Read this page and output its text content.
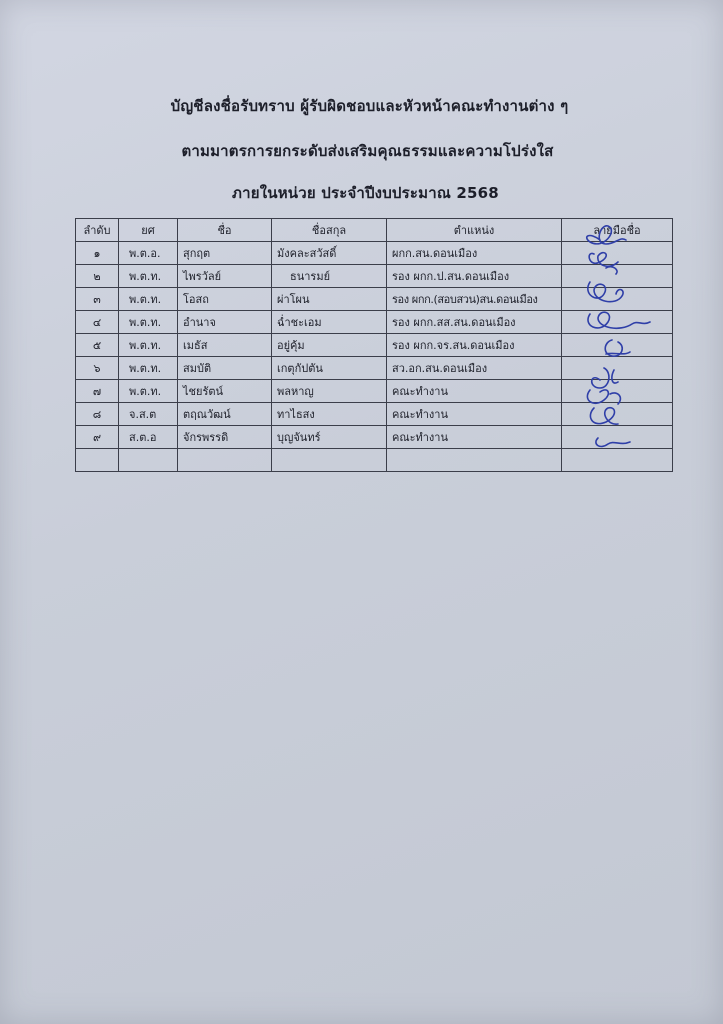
บัญชีลงชื่อรับทราบ ผู้รับผิดชอบและหัวหน้าคณะทำงานต่าง ๆ
ตามมาตรการยกระดับส่งเสริมคุณธรรมและความโปร่งใส
ภายในหน่วย ประจำปีงบประมาณ 2568
ลำดับ	ยศ	ชื่อ	ชื่อสกุล	ตำแหน่ง	ลายมือชื่อ
๑	พ.ต.อ.	สุกฤต	มังคละสวัสดิ์	ผกก.สน.ดอนเมือง	
๒	พ.ต.ท.	ไพรวัลย์	ธนารมย์	รอง ผกก.ป.สน.ดอนเมือง	
๓	พ.ต.ท.	โอสถ	ผ่าโผน	รอง ผกก.(สอบสวน)สน.ดอนเมือง	
๔	พ.ต.ท.	อำนาจ	ฉ่ำชะเอม	รอง ผกก.สส.สน.ดอนเมือง	
๕	พ.ต.ท.	เมธัส	อยู่คุ้ม	รอง ผกก.จร.สน.ดอนเมือง	
๖	พ.ต.ท.	สมบัติ	เกตุกัปตัน	สว.อก.สน.ดอนเมือง	
๗	พ.ต.ท.	ไชยรัตน์	พลหาญ	คณะทำงาน	
๘	จ.ส.ต	ตฤณวัฒน์	ทาไธสง	คณะทำงาน	
๙	ส.ต.อ	จักรพรรดิ	บุญจันทร์	คณะทำงาน	
